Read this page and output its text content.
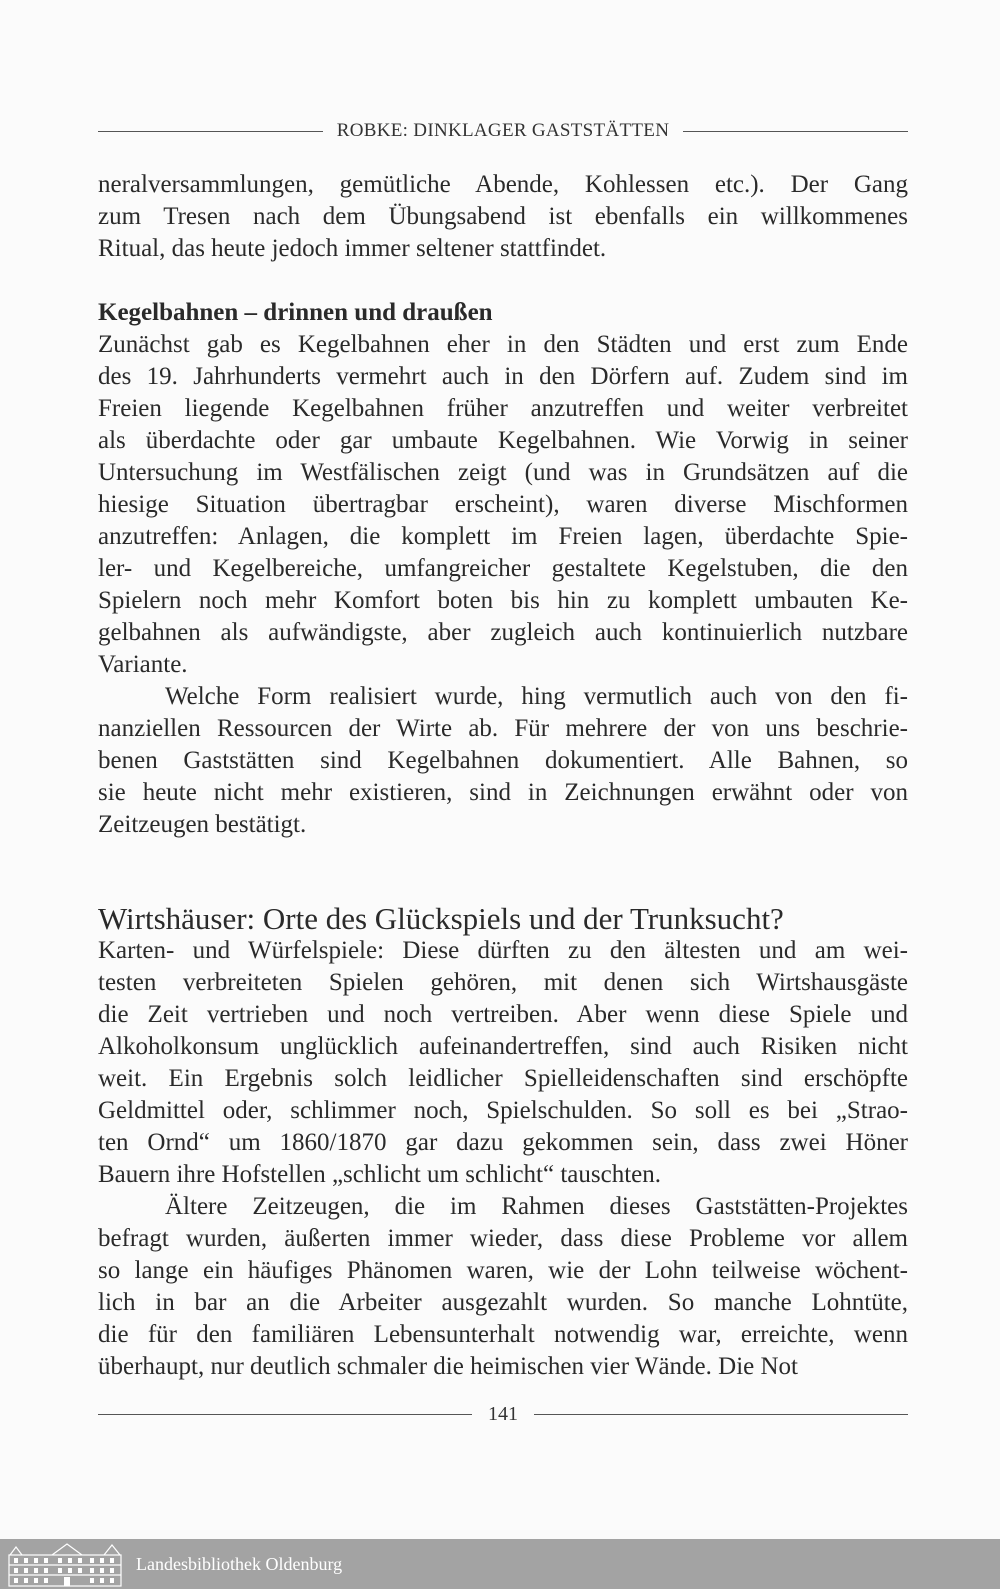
ROBKE: DINKLAGER GASTSTÄTTEN
neralversammlungen, gemütliche Abende, Kohlessen etc.). Der Gang
zum Tresen nach dem Übungsabend ist ebenfalls ein willkommenes
Ritual, das heute jedoch immer seltener stattfindet.
Kegelbahnen – drinnen und draußen
Zunächst gab es Kegelbahnen eher in den Städten und erst zum Ende
des 19. Jahrhunderts vermehrt auch in den Dörfern auf. Zudem sind im
Freien liegende Kegelbahnen früher anzutreffen und weiter verbreitet
als überdachte oder gar umbaute Kegelbahnen. Wie Vorwig in seiner
Untersuchung im Westfälischen zeigt (und was in Grundsätzen auf die
hiesige Situation übertragbar erscheint), waren diverse Mischformen
anzutreffen: Anlagen, die komplett im Freien lagen, überdachte Spie-
ler- und Kegelbereiche, umfangreicher gestaltete Kegelstuben, die den
Spielern noch mehr Komfort boten bis hin zu komplett umbauten Ke-
gelbahnen als aufwändigste, aber zugleich auch kontinuierlich nutzbare
Variante.
Welche Form realisiert wurde, hing vermutlich auch von den fi-
nanziellen Ressourcen der Wirte ab. Für mehrere der von uns beschrie-
benen Gaststätten sind Kegelbahnen dokumentiert. Alle Bahnen, so
sie heute nicht mehr existieren, sind in Zeichnungen erwähnt oder von
Zeitzeugen bestätigt.
Wirtshäuser: Orte des Glückspiels und der Trunksucht?
Karten- und Würfelspiele: Diese dürften zu den ältesten und am wei-
testen verbreiteten Spielen gehören, mit denen sich Wirtshausgäste
die Zeit vertrieben und noch vertreiben. Aber wenn diese Spiele und
Alkoholkonsum unglücklich aufeinandertreffen, sind auch Risiken nicht
weit. Ein Ergebnis solch leidlicher Spielleidenschaften sind erschöpfte
Geldmittel oder, schlimmer noch, Spielschulden. So soll es bei „Strao-
ten Ornd“ um 1860/1870 gar dazu gekommen sein, dass zwei Höner
Bauern ihre Hofstellen „schlicht um schlicht“ tauschten.
Ältere Zeitzeugen, die im Rahmen dieses Gaststätten-Projektes
befragt wurden, äußerten immer wieder, dass diese Probleme vor allem
so lange ein häufiges Phänomen waren, wie der Lohn teilweise wöchent-
lich in bar an die Arbeiter ausgezahlt wurden. So manche Lohntüte,
die für den familiären Lebensunterhalt notwendig war, erreichte, wenn
überhaupt, nur deutlich schmaler die heimischen vier Wände. Die Not
141
Landesbibliothek Oldenburg
